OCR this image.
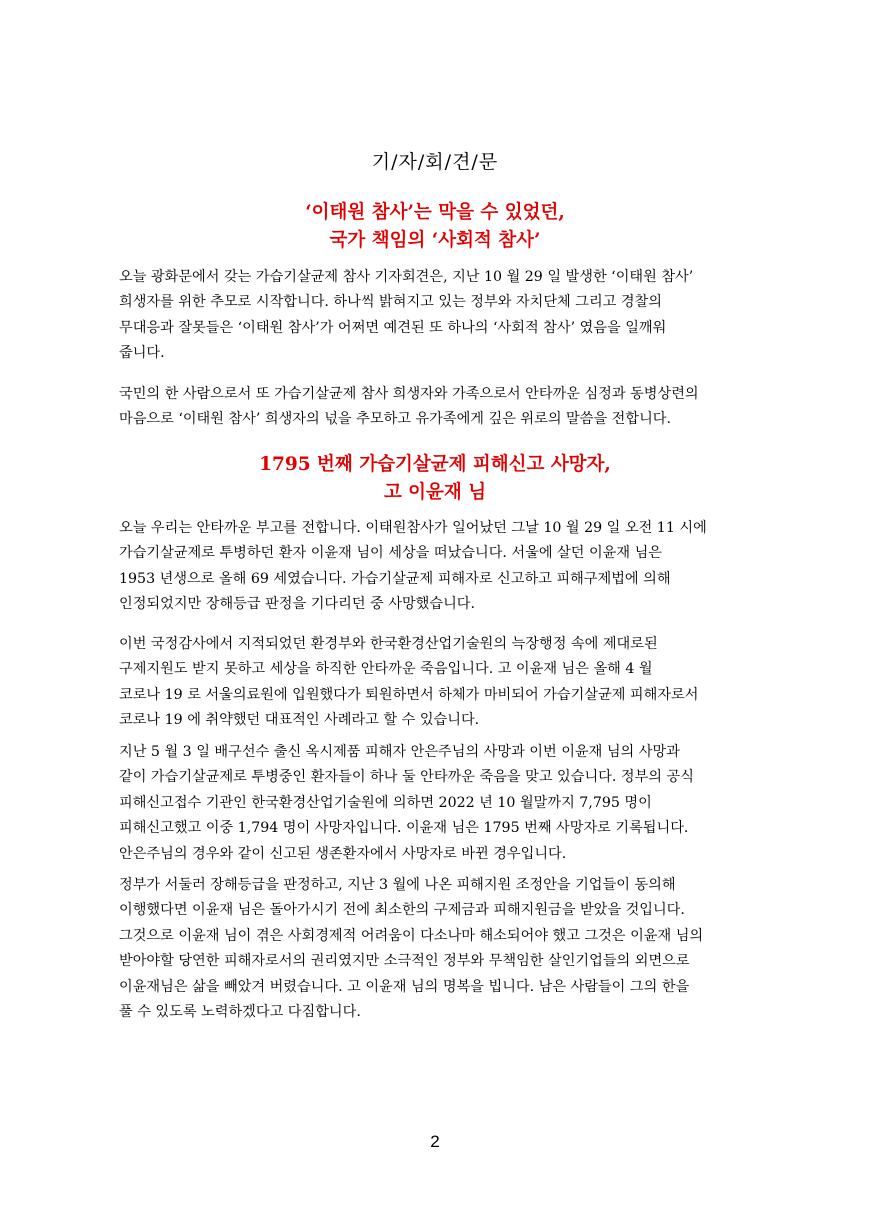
기/자/회/견/문
‘이태원 참사’는 막을 수 있었던,
국가 책임의 ‘사회적 참사’
오늘 광화문에서 갖는 가습기살균제 참사 기자회견은, 지난 10 월 29 일 발생한 ‘이태원 참사’
희생자를 위한 추모로 시작합니다. 하나씩 밝혀지고 있는 정부와 자치단체 그리고 경찰의
무대응과 잘못들은 ‘이태원 참사’가 어쩌면 예견된 또 하나의 ‘사회적 참사’ 였음을 일깨워
줍니다.
국민의 한 사람으로서 또 가습기살균제 참사 희생자와 가족으로서 안타까운 심정과 동병상련의
마음으로 ‘이태원 참사’ 희생자의 넋을 추모하고 유가족에게 깊은 위로의 말씀을 전합니다.
1795 번째 가습기살균제 피해신고 사망자,
고 이윤재 님
오늘 우리는 안타까운 부고를 전합니다. 이태원참사가 일어났던 그날 10 월 29 일 오전 11 시에
가습기살균제로 투병하던 환자 이윤재 님이 세상을 떠났습니다. 서울에 살던 이윤재 님은
1953 년생으로 올해 69 세였습니다. 가습기살균제 피해자로 신고하고 피해구제법에 의해
인정되었지만 장해등급 판정을 기다리던 중 사망했습니다.
이번 국정감사에서 지적되었던 환경부와 한국환경산업기술원의 늑장행정 속에 제대로된
구제지원도 받지 못하고 세상을 하직한 안타까운 죽음입니다. 고 이윤재 님은 올해 4 월
코로나 19 로 서울의료원에 입원했다가 퇴원하면서 하체가 마비되어 가습기살균제 피해자로서
코로나 19 에 취약했던 대표적인 사례라고 할 수 있습니다.
지난 5 월 3 일 배구선수 출신 옥시제품 피해자 안은주님의 사망과 이번 이윤재 님의 사망과
같이 가습기살균제로 투병중인 환자들이 하나 둘 안타까운 죽음을 맞고 있습니다. 정부의 공식
피해신고접수 기관인 한국환경산업기술원에 의하면 2022 년 10 월말까지 7,795 명이
피해신고했고 이중 1,794 명이 사망자입니다. 이윤재 님은 1795 번째 사망자로 기록됩니다.
안은주님의 경우와 같이 신고된 생존환자에서 사망자로 바뀐 경우입니다.
정부가 서둘러 장해등급을 판정하고, 지난 3 월에 나온 피해지원 조정안을 기업들이 동의해
이행했다면 이윤재 님은 돌아가시기 전에 최소한의 구제금과 피해지원금을 받았을 것입니다.
그것으로 이윤재 님이 겪은 사회경제적 어려움이 다소나마 해소되어야 했고 그것은 이윤재 님의
받아야할 당연한 피해자로서의 권리였지만 소극적인 정부와 무책임한 살인기업들의 외면으로
이윤재님은 삶을 빼았겨 버렸습니다. 고 이윤재 님의 명복을 빕니다. 남은 사람들이 그의 한을
풀 수 있도록 노력하겠다고 다짐합니다.
2
